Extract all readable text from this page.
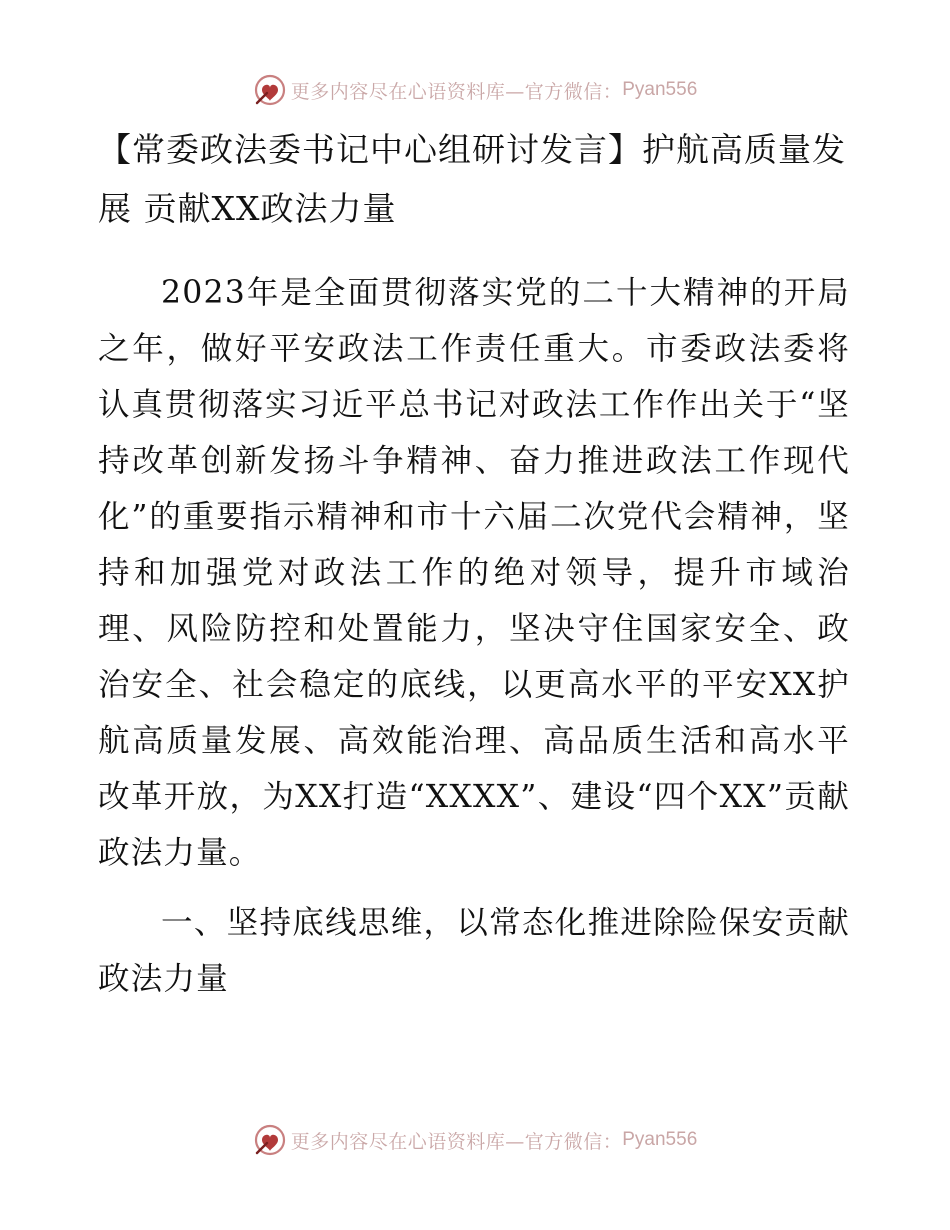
更多内容尽在心语资料库—官方微信： Pyan556
【常委政法委书记中心组研讨发言】护航高质量发展 贡献XX政法力量

2023年是全面贯彻落实党的二十大精神的开局之年，做好平安政法工作责任重大。市委政法委将认真贯彻落实习近平总书记对政法工作作出关于“坚持改革创新发扬斗争精神、奋力推进政法工作现代化”的重要指示精神和市十六届二次党代会精神，坚持和加强党对政法工作的绝对领导，提升市域治理、风险防控和处置能力，坚决守住国家安全、政治安全、社会稳定的底线，以更高水平的平安XX护航高质量发展、高效能治理、高品质生活和高水平改革开放，为XX打造“XXXX”、建设“四个XX”贡献政法力量。

一、坚持底线思维，以常态化推进除险保安贡献政法力量

更多内容尽在心语资料库—官方微信： Pyan556
